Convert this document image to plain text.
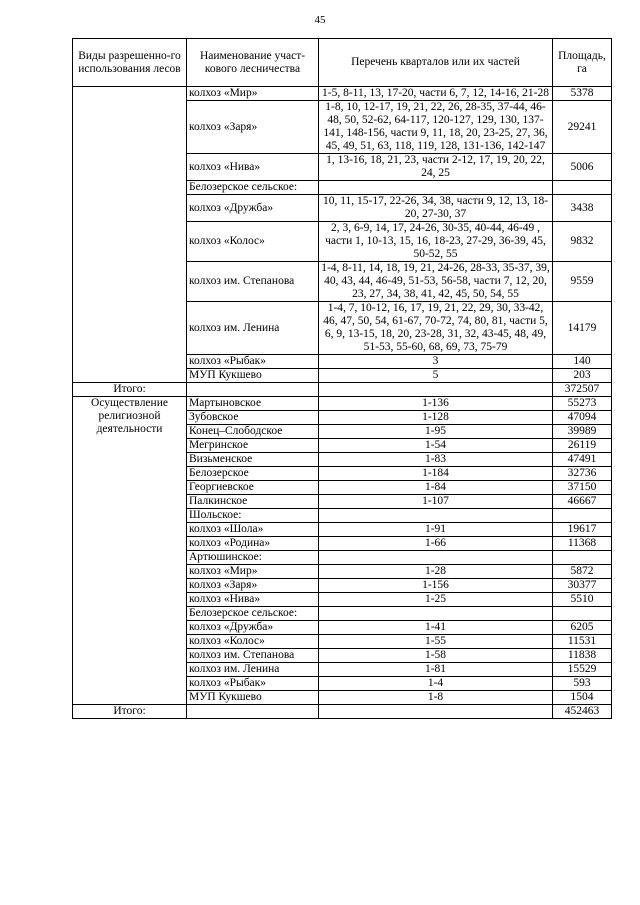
45
Виды разрешенно-го использования лесов	Наименование участ-кового лесничества	Перечень кварталов или их частей	Площадь, га
	колхоз «Мир»	1-5, 8-11, 13, 17-20, части 6, 7, 12, 14-16, 21-28	5378
	колхоз «Заря»	1-8, 10, 12-17, 19, 21, 22, 26, 28-35, 37-44, 46-48, 50, 52-62, 64-117, 120-127, 129, 130, 137-141, 148-156, части 9, 11, 18, 20, 23-25, 27, 36, 45, 49, 51, 63, 118, 119, 128, 131-136, 142-147	29241
	колхоз «Нива»	1, 13-16, 18, 21, 23, части 2-12, 17, 19, 20, 22, 24, 25	5006
	Белозерское сельское:		
	колхоз «Дружба»	10, 11, 15-17, 22-26, 34, 38, части 9, 12, 13, 18-20, 27-30, 37	3438
	колхоз «Колос»	2, 3, 6-9, 14, 17, 24-26, 30-35, 40-44, 46-49 , части 1, 10-13, 15, 16, 18-23, 27-29, 36-39, 45, 50-52, 55	9832
	колхоз им. Степанова	1-4, 8-11, 14, 18, 19, 21, 24-26, 28-33, 35-37, 39, 40, 43, 44, 46-49, 51-53, 56-58, части 7, 12, 20, 23, 27, 34, 38, 41, 42, 45, 50, 54, 55	9559
	колхоз им. Ленина	1-4, 7, 10-12, 16, 17, 19, 21, 22, 29, 30, 33-42, 46, 47, 50, 54, 61-67, 70-72, 74, 80, 81, части 5, 6, 9, 13-15, 18, 20, 23-28, 31, 32, 43-45, 48, 49, 51-53, 55-60, 68, 69, 73, 75-79	14179
	колхоз «Рыбак»	3	140
	МУП Кукшево	5	203
Итого:			372507
Осуществление религиозной деятельности	Мартыновское	1-136	55273
	Зубовское	1-128	47094
	Конец–Слободское	1-95	39989
	Мегринское	1-54	26119
	Визьменское	1-83	47491
	Белозерское	1-184	32736
	Георгиевское	1-84	37150
	Палкинское	1-107	46667
	Шольское:		
	колхоз «Шола»	1-91	19617
	колхоз «Родина»	1-66	11368
	Артюшинское:		
	колхоз «Мир»	1-28	5872
	колхоз «Заря»	1-156	30377
	колхоз «Нива»	1-25	5510
	Белозерское сельское:		
	колхоз «Дружба»	1-41	6205
	колхоз «Колос»	1-55	11531
	колхоз им. Степанова	1-58	11838
	колхоз им. Ленина	1-81	15529
	колхоз «Рыбак»	1-4	593
	МУП Кукшево	1-8	1504
Итого:			452463
